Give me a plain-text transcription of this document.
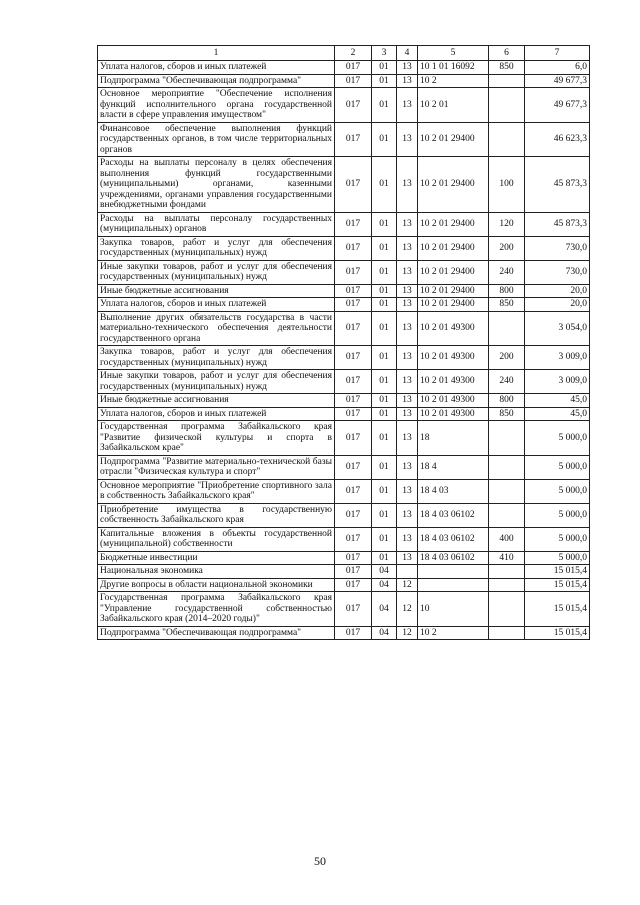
1	2	3	4	5	6	7
Уплата налогов, сборов и иных платежей	017	01	13	10 1 01 16092	850	6,0
Подпрограмма "Обеспечивающая подпрограмма"	017	01	13	10 2		49 677,3
Основное мероприятие "Обеспечение исполнения функций исполнительного органа государственной власти в сфере управления имуществом"	017	01	13	10 2 01		49 677,3
Финансовое обеспечение выполнения функций государственных органов, в том числе территориальных органов	017	01	13	10 2 01 29400		46 623,3
Расходы на выплаты персоналу в целях обеспечения выполнения функций государственными (муниципальными) органами, казенными учреждениями, органами управления государственными внебюджетными фондами	017	01	13	10 2 01 29400	100	45 873,3
Расходы на выплаты персоналу государственных (муниципальных) органов	017	01	13	10 2 01 29400	120	45 873,3
Закупка товаров, работ и услуг для обеспечения государственных (муниципальных) нужд	017	01	13	10 2 01 29400	200	730,0
Иные закупки товаров, работ и услуг для обеспечения государственных (муниципальных) нужд	017	01	13	10 2 01 29400	240	730,0
Иные бюджетные ассигнования	017	01	13	10 2 01 29400	800	20,0
Уплата налогов, сборов и иных платежей	017	01	13	10 2 01 29400	850	20,0
Выполнение других обязательств государства в части материально-технического обеспечения деятельности государственного органа	017	01	13	10 2 01 49300		3 054,0
Закупка товаров, работ и услуг для обеспечения государственных (муниципальных) нужд	017	01	13	10 2 01 49300	200	3 009,0
Иные закупки товаров, работ и услуг для обеспечения государственных (муниципальных) нужд	017	01	13	10 2 01 49300	240	3 009,0
Иные бюджетные ассигнования	017	01	13	10 2 01 49300	800	45,0
Уплата налогов, сборов и иных платежей	017	01	13	10 2 01 49300	850	45,0
Государственная программа Забайкальского края "Развитие физической культуры и спорта в Забайкальском крае"	017	01	13	18		5 000,0
Подпрограмма "Развитие материально-технической базы отрасли "Физическая культура и спорт"	017	01	13	18 4		5 000,0
Основное мероприятие "Приобретение спортивного зала в собственность Забайкальского края"	017	01	13	18 4 03		5 000,0
Приобретение имущества в государственную собственность Забайкальского края	017	01	13	18 4 03 06102		5 000,0
Капитальные вложения в объекты государственной (муниципальной) собственности	017	01	13	18 4 03 06102	400	5 000,0
Бюджетные инвестиции	017	01	13	18 4 03 06102	410	5 000,0
Национальная экономика	017	04				15 015,4
Другие вопросы в области национальной экономики	017	04	12			15 015,4
Государственная программа Забайкальского края "Управление государственной собственностью Забайкальского края (2014–2020 годы)"	017	04	12	10		15 015,4
Подпрограмма "Обеспечивающая подпрограмма"	017	04	12	10 2		15 015,4
50
